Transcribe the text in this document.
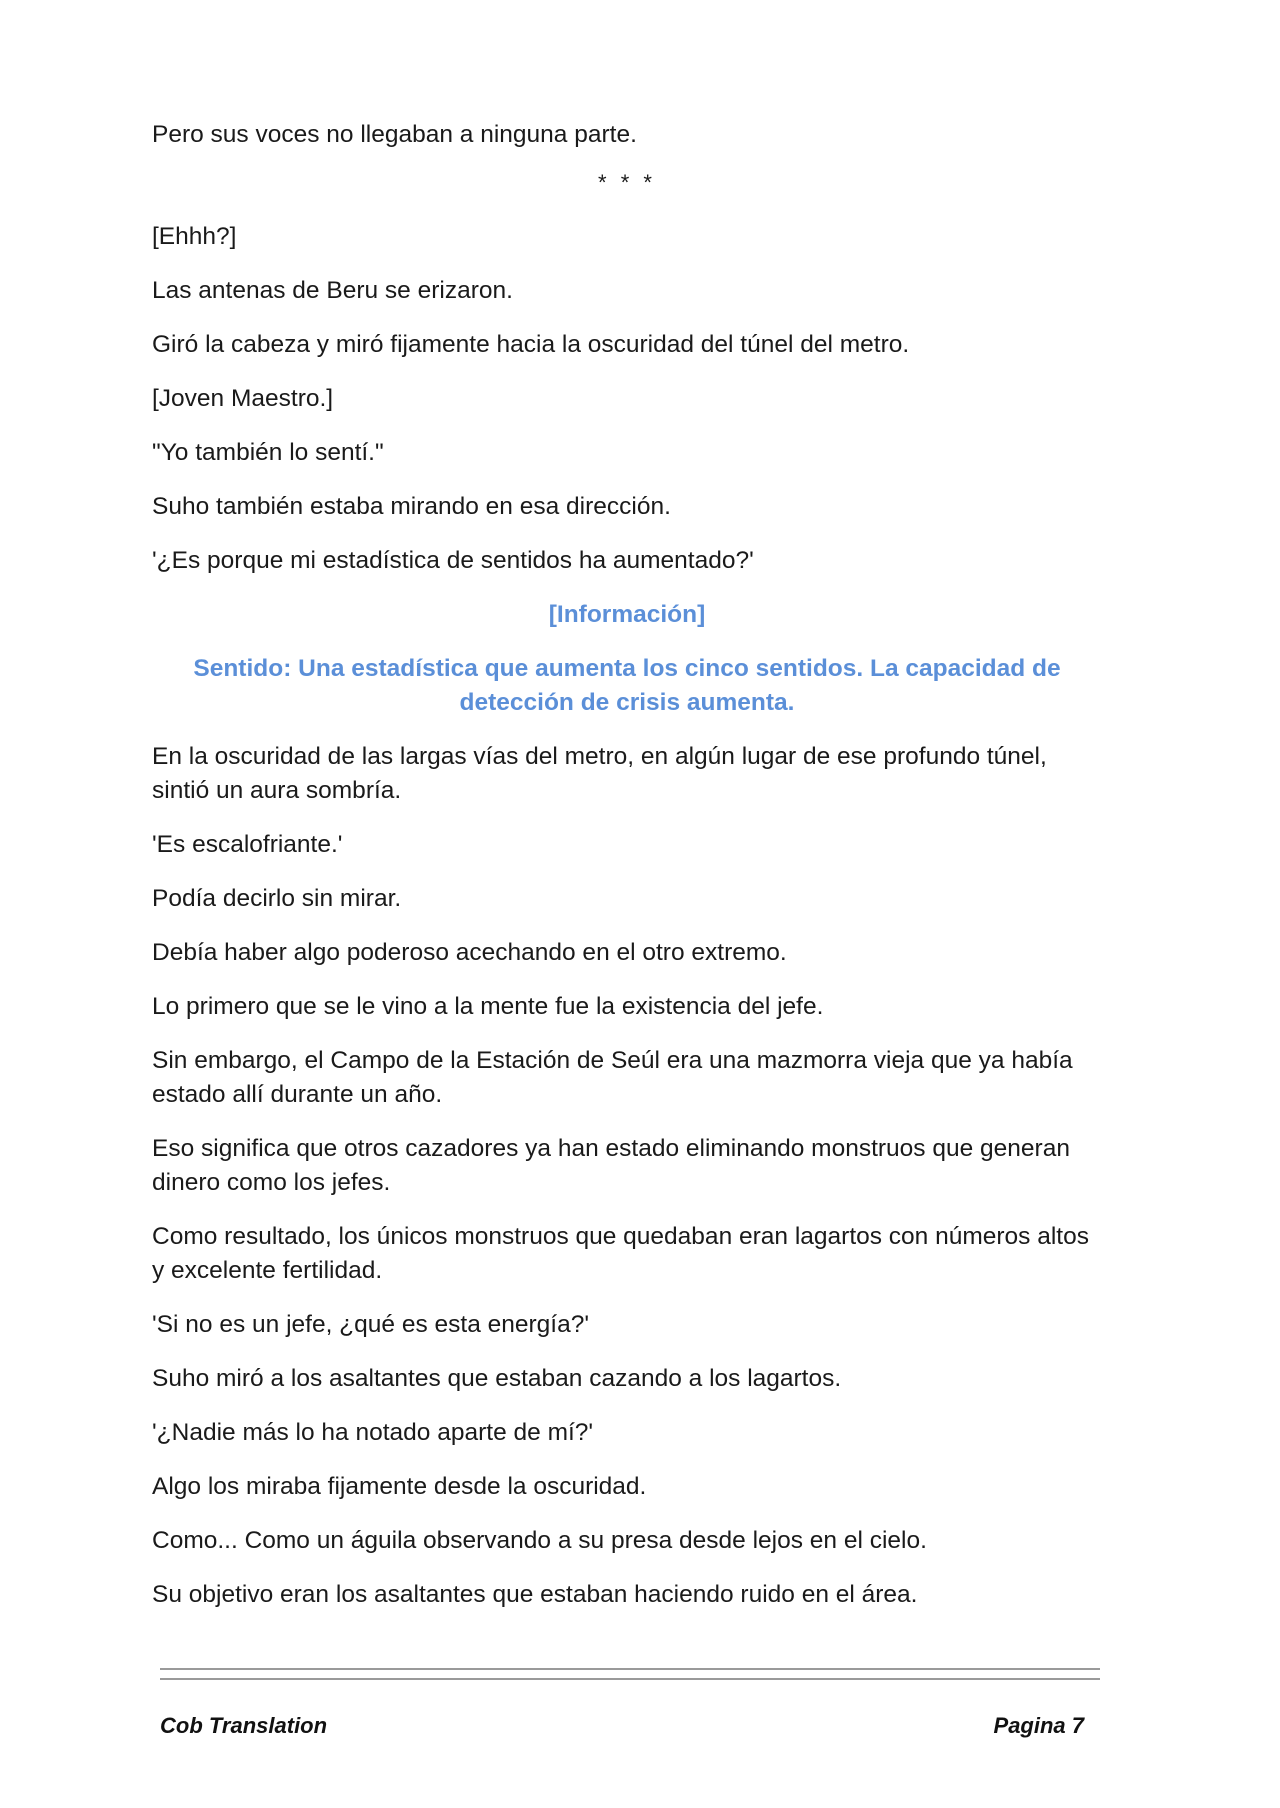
Pero sus voces no llegaban a ninguna parte.

* * *

[Ehhh?]

Las antenas de Beru se erizaron.

Giró la cabeza y miró fijamente hacia la oscuridad del túnel del metro.

[Joven Maestro.]

"Yo también lo sentí."

Suho también estaba mirando en esa dirección.

'¿Es porque mi estadística de sentidos ha aumentado?'

[Información]

Sentido: Una estadística que aumenta los cinco sentidos. La capacidad de detección de crisis aumenta.

En la oscuridad de las largas vías del metro, en algún lugar de ese profundo túnel, sintió un aura sombría.

'Es escalofriante.'

Podía decirlo sin mirar.

Debía haber algo poderoso acechando en el otro extremo.

Lo primero que se le vino a la mente fue la existencia del jefe.

Sin embargo, el Campo de la Estación de Seúl era una mazmorra vieja que ya había estado allí durante un año.

Eso significa que otros cazadores ya han estado eliminando monstruos que generan dinero como los jefes.

Como resultado, los únicos monstruos que quedaban eran lagartos con números altos y excelente fertilidad.

'Si no es un jefe, ¿qué es esta energía?'

Suho miró a los asaltantes que estaban cazando a los lagartos.

'¿Nadie más lo ha notado aparte de mí?'

Algo los miraba fijamente desde la oscuridad.

Como... Como un águila observando a su presa desde lejos en el cielo.

Su objetivo eran los asaltantes que estaban haciendo ruido en el área.

Cob Translation	Pagina 7
